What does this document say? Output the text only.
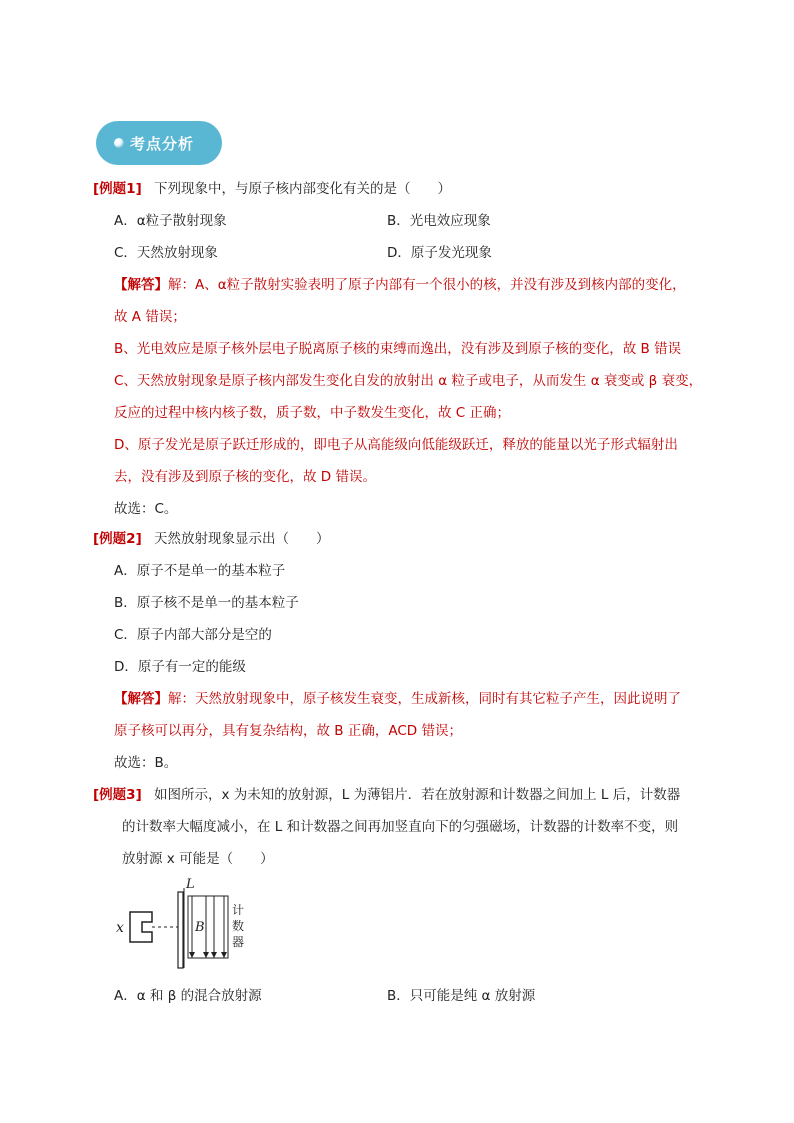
考点分析
[例题1] 下列现象中，与原子核内部变化有关的是（　　）
A．α粒子散射现象	B．光电效应现象
C．天然放射现象	D．原子发光现象
【解答】解：A、α粒子散射实验表明了原子内部有一个很小的核，并没有涉及到核内部的变化，
故 A 错误；
B、光电效应是原子核外层电子脱离原子核的束缚而逸出，没有涉及到原子核的变化，故 B 错误
C、天然放射现象是原子核内部发生变化自发的放射出 α 粒子或电子，从而发生 α 衰变或 β 衰变，
反应的过程中核内核子数，质子数，中子数发生变化，故 C 正确；
D、原子发光是原子跃迁形成的，即电子从高能级向低能级跃迁，释放的能量以光子形式辐射出
去，没有涉及到原子核的变化，故 D 错误。
故选：C。
[例题2] 天然放射现象显示出（　　）
A．原子不是单一的基本粒子
B．原子核不是单一的基本粒子
C．原子内部大部分是空的
D．原子有一定的能级
【解答】解：天然放射现象中，原子核发生衰变，生成新核，同时有其它粒子产生，因此说明了
原子核可以再分，具有复杂结构，故 B 正确，ACD 错误；
故选：B。
[例题3] 如图所示，x 为未知的放射源，L 为薄铝片．若在放射源和计数器之间加上 L 后，计数器
的计数率大幅度减小，在 L 和计数器之间再加竖直向下的匀强磁场，计数器的计数率不变，则
放射源 x 可能是（　　）
x
L
B
计
数
器
A．α 和 β 的混合放射源	B．只可能是纯 α 放射源
